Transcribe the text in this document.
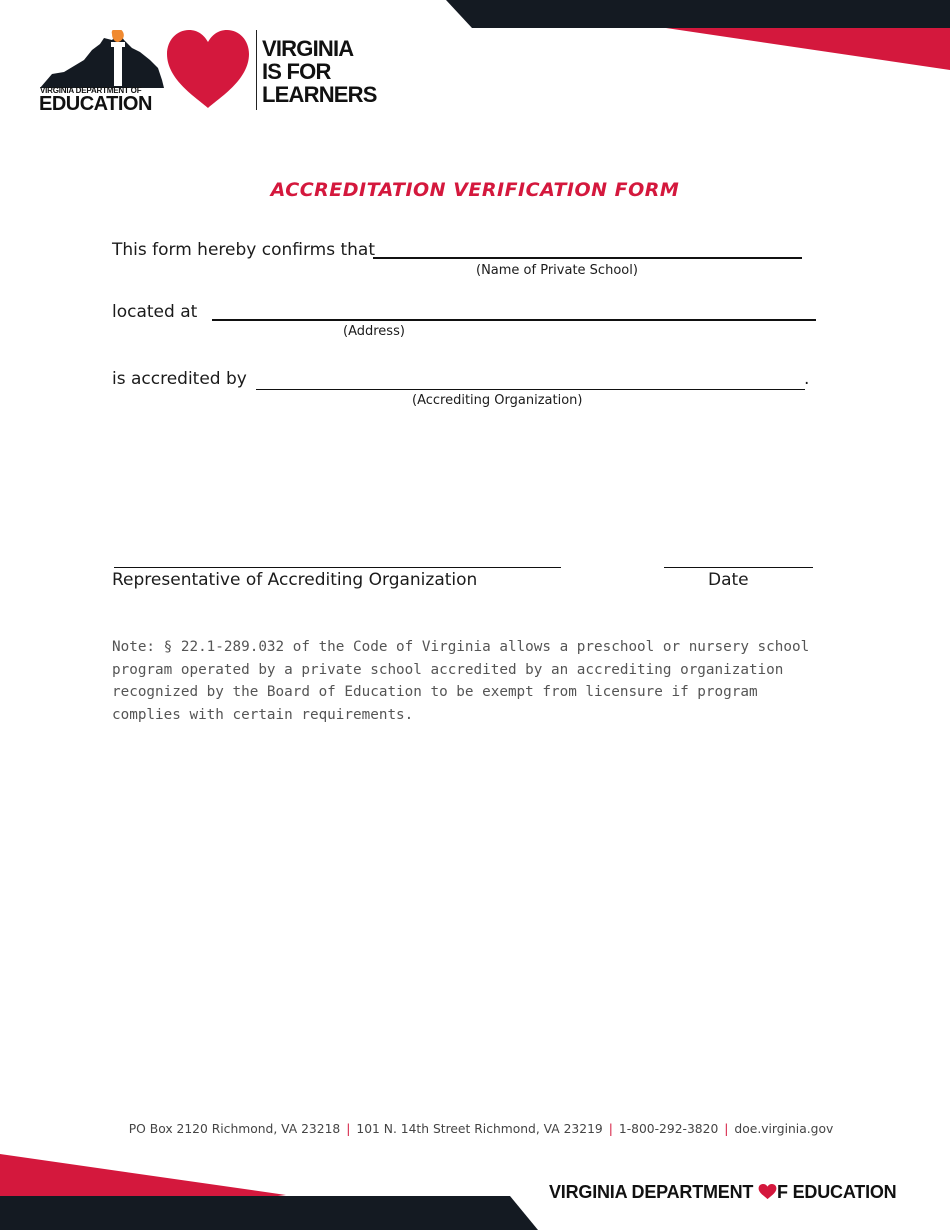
VIRGINIA DEPARTMENT OF
EDUCATION
VIRGINIA
IS FOR
LEARNERS
ACCREDITATION VERIFICATION FORM
This form hereby confirms that
(Name of Private School)
located at
(Address)
is accredited by	.
(Accrediting Organization)
Representative of Accrediting Organization	Date
Note: § 22.1-289.032 of the Code of Virginia allows a preschool or nursery school program operated by a private school accredited by an accrediting organization recognized by the Board of Education to be exempt from licensure if program complies with certain requirements.
PO Box 2120 Richmond, VA 23218 | 101 N. 14th Street Richmond, VA 23219 | 1-800-292-3820 | doe.virginia.gov
VIRGINIA DEPARTMENT F EDUCATION
